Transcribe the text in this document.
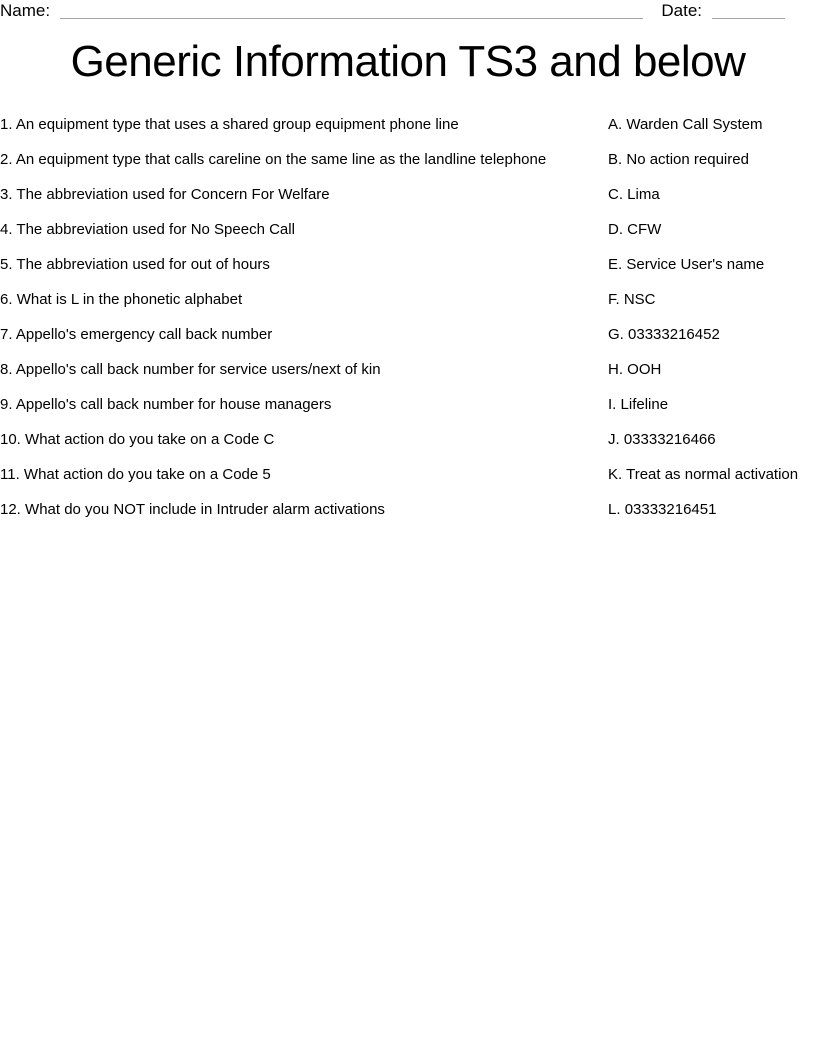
Name:	Date:
Generic Information TS3 and below
1. An equipment type that uses a shared group equipment phone line	A. Warden Call System
2. An equipment type that calls careline on the same line as the landline telephone	B. No action required
3. The abbreviation used for Concern For Welfare	C. Lima
4. The abbreviation used for No Speech Call	D. CFW
5. The abbreviation used for out of hours	E. Service User's name
6. What is L in the phonetic alphabet	F. NSC
7. Appello's emergency call back number	G. 03333216452
8. Appello's call back number for service users/next of kin	H. OOH
9. Appello's call back number for house managers	I. Lifeline
10. What action do you take on a Code C	J. 03333216466
11. What action do you take on a Code 5	K. Treat as normal activation
12. What do you NOT include in Intruder alarm activations	L. 03333216451
